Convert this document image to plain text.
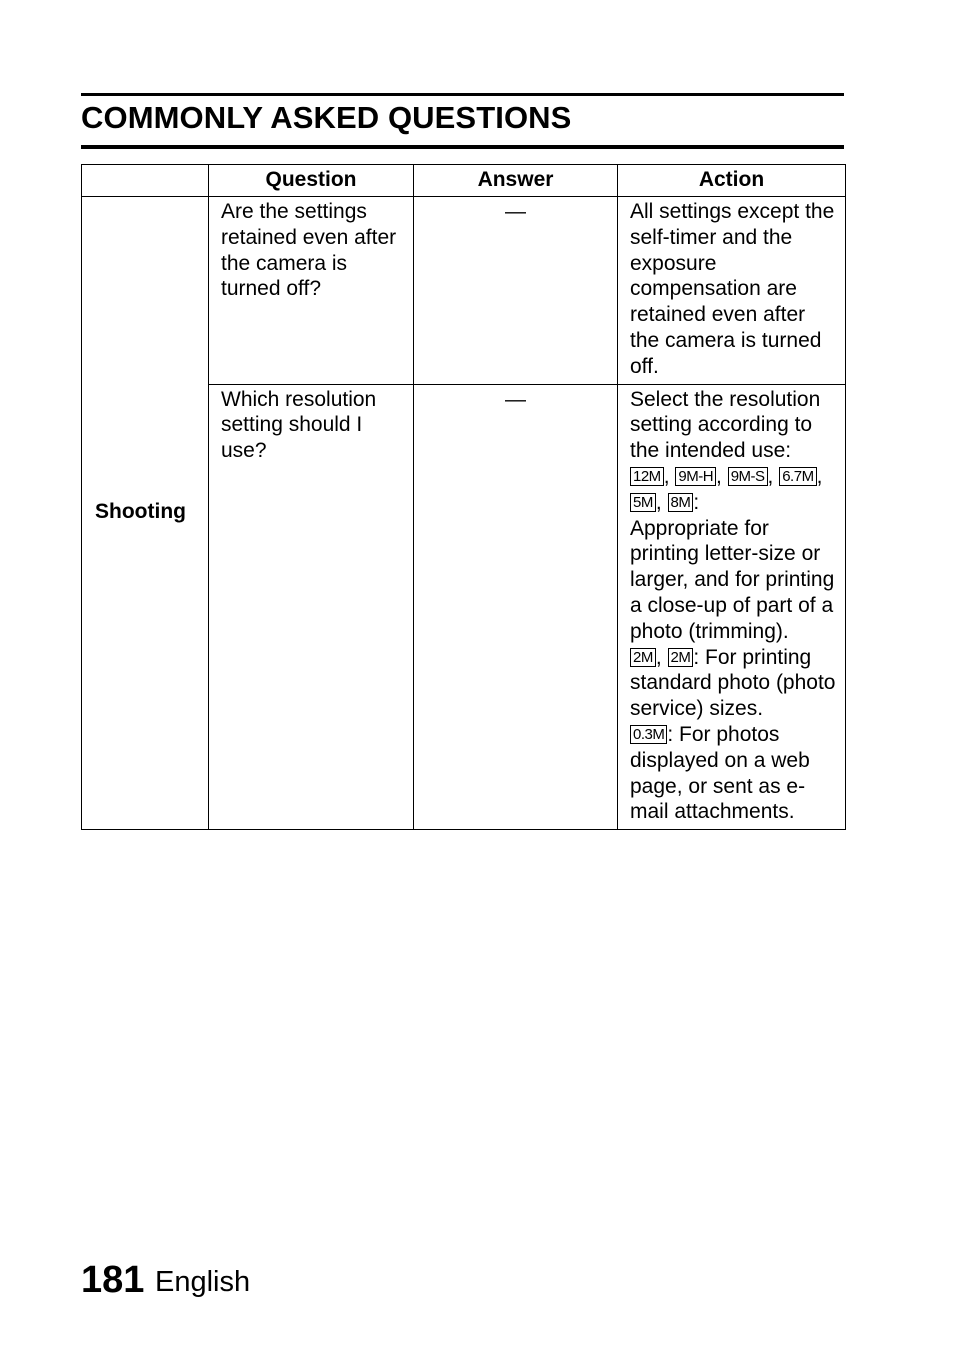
COMMONLY ASKED QUESTIONS
	Question	Answer	Action
Shooting	Are the settings retained even after the camera is turned off?	—	All settings except the self-timer and the exposure compensation are retained even after the camera is turned off.
	Which resolution setting should I use?	—	Select the resolution setting according to the intended use:
12M , 9M-H , 9M-S , 6.7M , 5M , 8M :
Appropriate for printing letter-size or larger, and for printing a close-up of part of a photo (trimming).
2M , 2M : For printing standard photo (photo service) sizes.
0.3M : For photos displayed on a web page, or sent as e-mail attachments.
181 English
